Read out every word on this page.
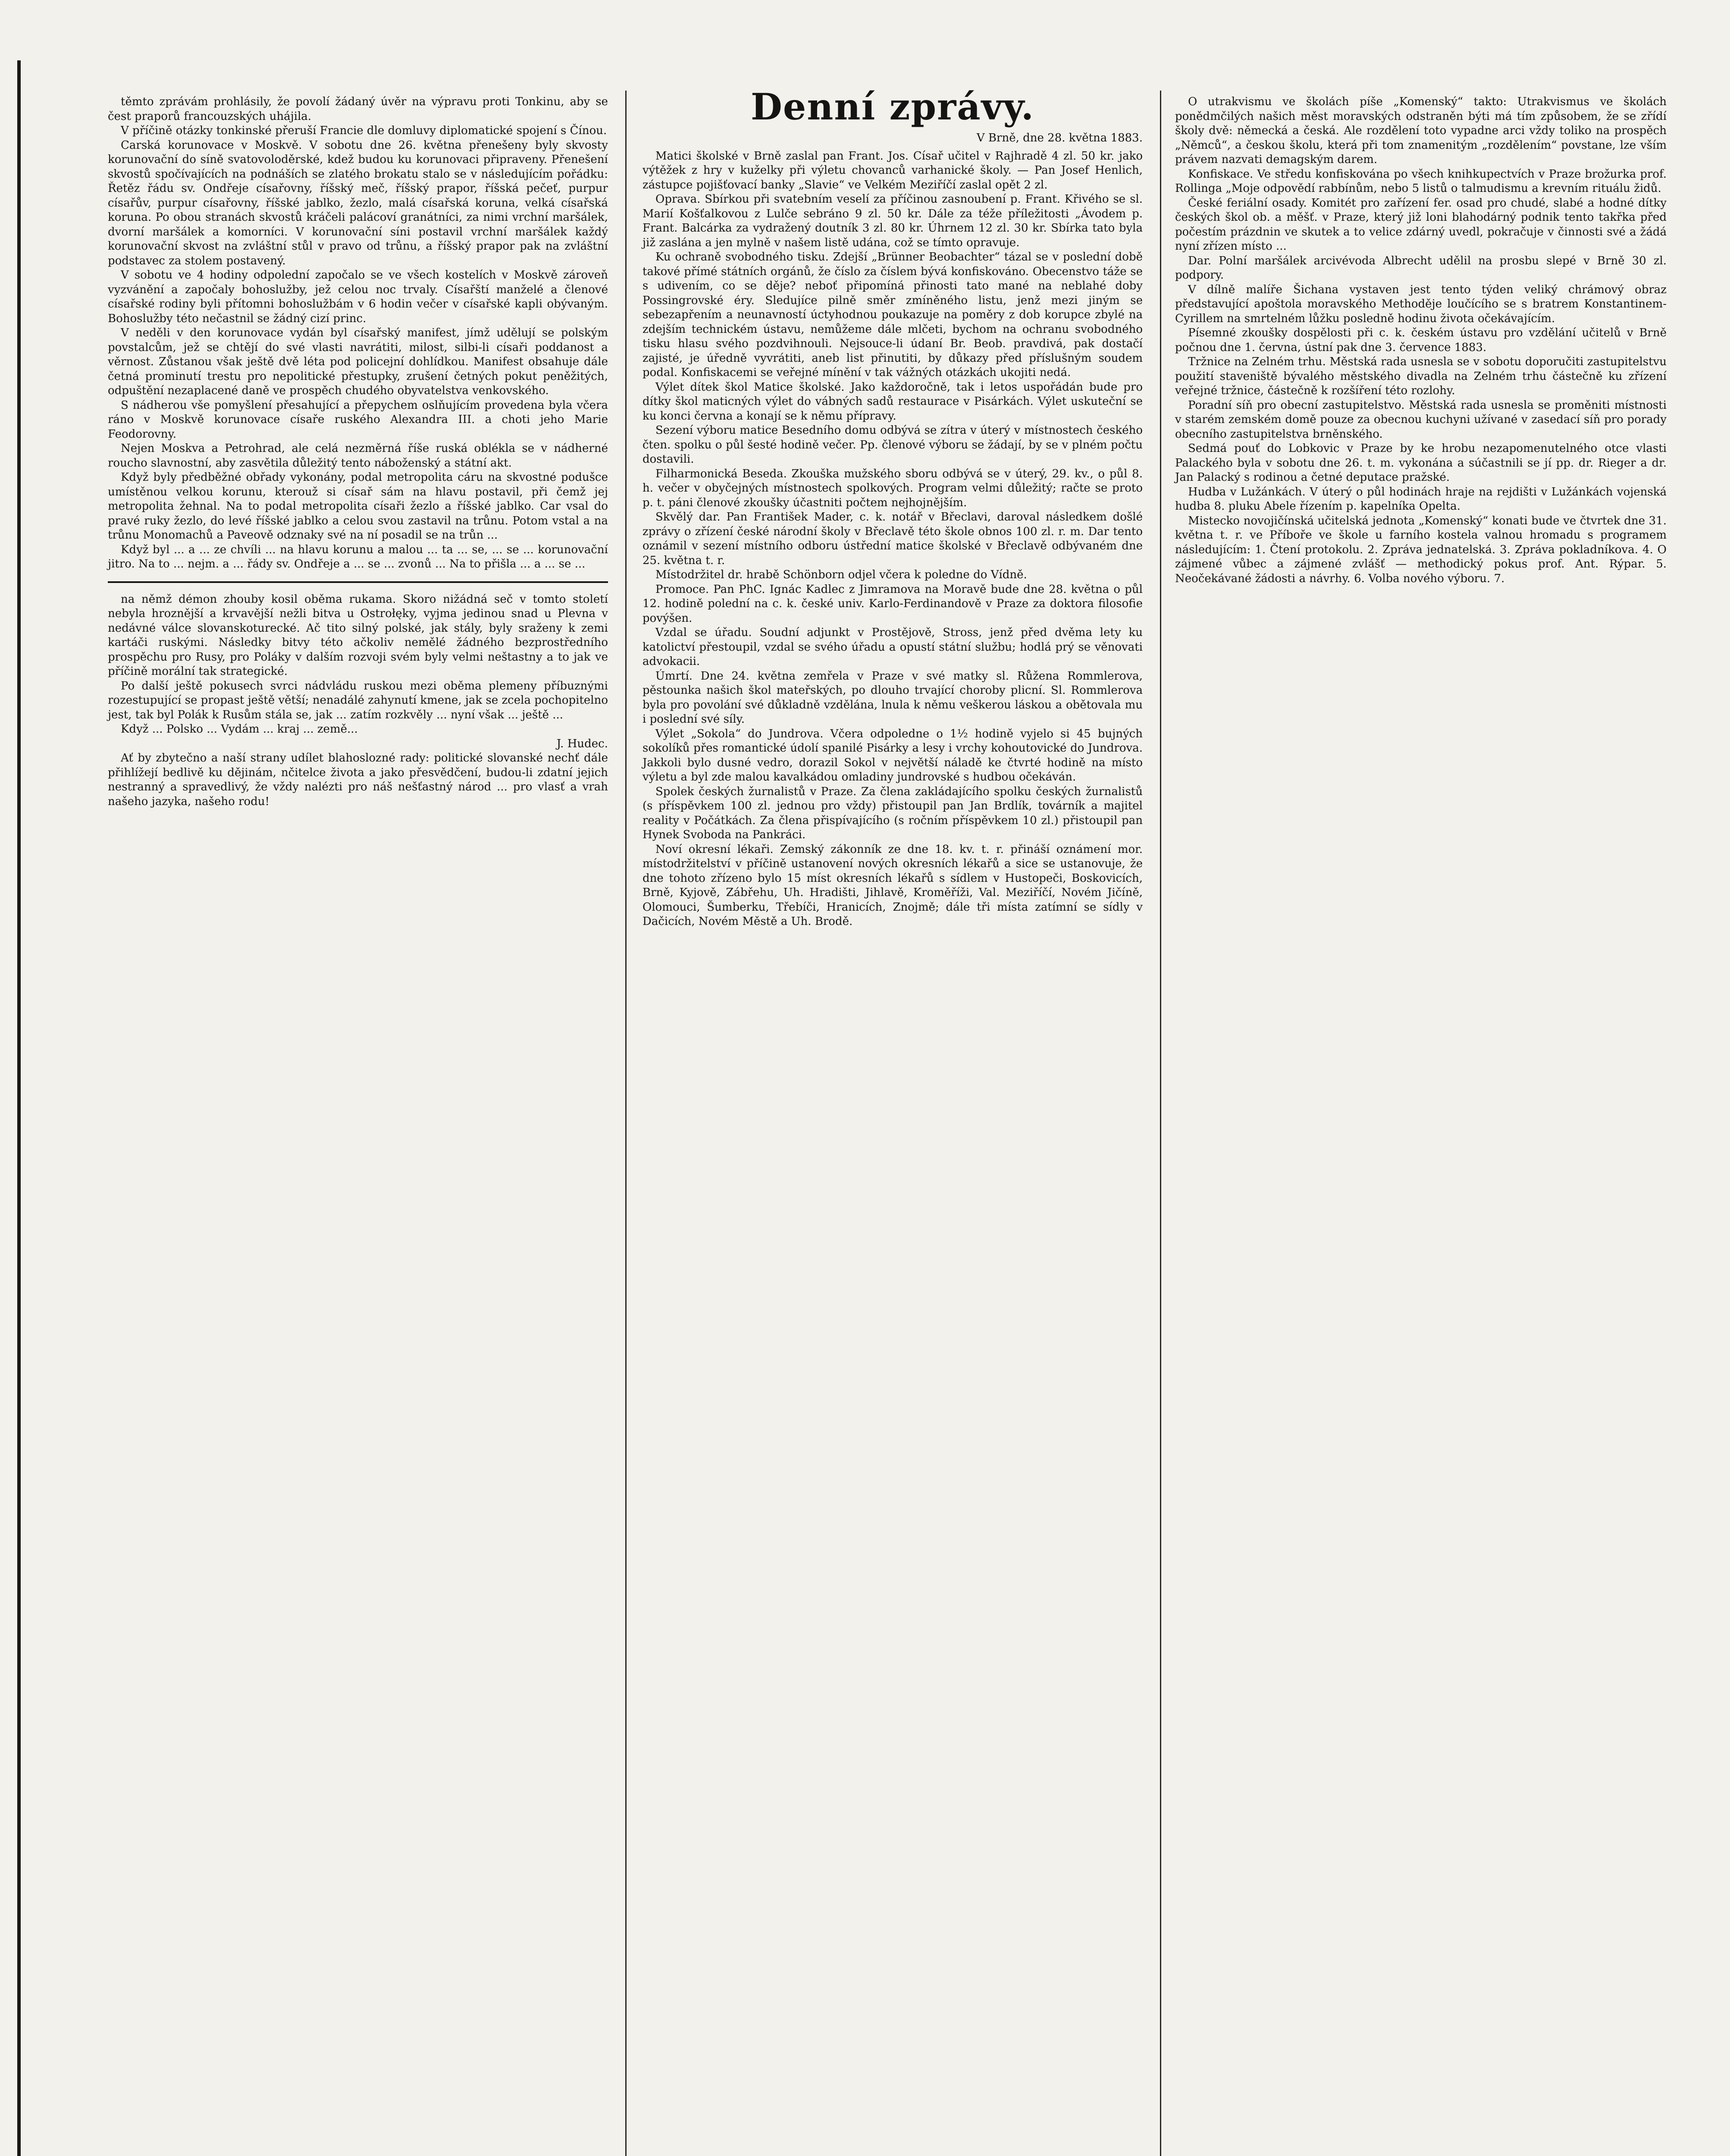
těmto zprávám prohlásily, že povolí žádaný úvěr na výpravu proti Tonkinu, aby se čest praporů francouzských uhájila.

V příčině otázky tonkinské přeruší Francie dle domluvy diplomatické spojení s Čínou.

Carská korunovace v Moskvě. V sobotu dne 26. května přenešeny byly skvosty korunovační do síně svatovoloděrské, kdež budou ku korunovaci připraveny. Přenešení skvostů spočívajících na podnáších se zlatého brokatu stalo se v následujícím pořádku: Řetěz řádu sv. Ondřeje císařovny, říšský meč, říšský prapor, říšská pečeť, purpur císařův, purpur císařovny, říšské jablko, žezlo, malá císařská koruna, velká císařská koruna. Po obou stranách skvostů kráčeli palácoví granátníci, za nimi vrchní maršálek, dvorní maršálek a komorníci. V korunovační síni postavil vrchní maršálek každý korunovační skvost na zvláštní stůl v pravo od trůnu, a říšský prapor pak na zvláštní podstavec za stolem postavený.

V sobotu ve 4 hodiny odpolední započalo se ve všech kostelích v Moskvě zároveň vyzvánění a započaly bohoslužby, jež celou noc trvaly. Císařští manželé a členové císařské rodiny byli přítomni bohoslužbám v 6 hodin večer v císařské kapli obývaným. Bohoslužby této nečastnil se žádný cizí princ.

V neděli v den korunovace vydán byl císařský manifest, jímž udělují se polským povstalcům, jež se chtějí do své vlasti navrátiti, milost, silbi-li císaři poddanost a věrnost. Zůstanou však ještě dvě léta pod policejní dohlídkou. Manifest obsahuje dále četná prominutí trestu pro nepolitické přestupky, zrušení četných pokut peněžitých, odpuštění nezaplacené daně ve prospěch chudého obyvatelstva venkovského.

S nádherou vše pomyšlení přesahující a přepychem oslňujícím provedena byla včera ráno v Moskvě korunovace císaře ruského Alexandra III. a choti jeho Marie Feodorovny.

Nejen Moskva a Petrohrad, ale celá nezměrná říše ruská oblékla se v nádherné roucho slavnostní, aby zasvětila důležitý tento náboženský a státní akt.

Když byly předběžné obřady vykonány, podal metropolita cáru na skvostné podušce umístěnou velkou korunu, kterouž si císař sám na hlavu postavil, při čemž jej metropolita žehnal. Na to podal metropolita císaři žezlo a říšské jablko. Car vsal do pravé ruky žezlo, do levé říšské jablko a celou svou zastavil na trůnu. Potom vstal a na trůnu Monomachů a Paveově odznaky své na ní posadil se na trůn ...

Když byl ... a ... ze chvíli ... na hlavu korunu a malou ... ta ... se, ... se ... korunovační jitro. Na to ... nejm. a ... řády sv. Ondřeje a ... se ... zvonů ... Na to přišla ... a ... se ...

na němž démon zhouby kosil oběma rukama. Skoro nižádná seč v tomto století nebyla hroznější a krvavější nežli bitva u Ostrołęky, vyjma jedinou snad u Plevna v nedávné válce slovanskoturecké. Ač tito silný polské, jak stály, byly sraženy k zemi kartáči ruskými. Následky bitvy této ačkoliv nemělé žádného bezprostředního prospěchu pro Rusy, pro Poláky v dalším rozvoji svém byly velmi neštastny a to jak ve příčině morální tak strategické.

Po další ještě pokusech svrci nádvládu ruskou mezi oběma plemeny příbuznými rozestupující se propast ještě větší; nenadálé zahynutí kmene, jak se zcela pochopitelno jest, tak byl Polák k Rusům stála se, jak ... zatím rozkvěly ... nyní však ... ještě ...

Když ... Polsko ... Vydám ... kraj ... země...

J. Hudec.

Ať by zbytečno a naší strany udílet blahoslozné rady: politické slovanské nechť dále přihlížejí bedlivě ku dějinám, nčitelce života a jako přesvědčení, budou-li zdatní jejich nestranný a spravedlivý, že vždy nalézti pro náš nešťastný národ ... pro vlasť a vrah našeho jazyka, našeho rodu!

Denní zprávy.
V Brně, dne 28. května 1883.

Matici školské v Brně zaslal pan Frant. Jos. Císař učitel v Rajhradě 4 zl. 50 kr. jako výtěžek z hry v kuželky při výletu chovanců varhanické školy. — Pan Josef Henlich, zástupce pojišťovací banky „Slavie“ ve Velkém Meziříčí zaslal opět 2 zl.

Oprava. Sbírkou při svatebním veselí za příčinou zasnoubení p. Frant. Křivého se sl. Marií Košťalkovou z Lulče sebráno 9 zl. 50 kr. Dále za téže příležitosti „Ávodem p. Frant. Balcárka za vydražený doutník 3 zl. 80 kr. Úhrnem 12 zl. 30 kr. Sbírka tato byla již zaslána a jen mylně v našem listě udána, což se tímto opravuje.

Ku ochraně svobodného tisku. Zdejší „Brünner Beobachter“ tázal se v poslední době takové přímé státních orgánů, že číslo za číslem bývá konfiskováno. Obecenstvo táže se s udivením, co se děje? neboť připomíná přinosti tato mané na neblahé doby Possingrovské éry. Sledujíce pilně směr zmíněného listu, jenž mezi jiným se sebezapřením a neunavností úctyhodnou poukazuje na poměry z dob korupce zbylé na zdejším technickém ústavu, nemůžeme dále mlčeti, bychom na ochranu svobodného tisku hlasu svého pozdvihnouli. Nejsouce-li údaní Br. Beob. pravdivá, pak dostačí zajisté, je úředně vyvrátiti, aneb list přinutiti, by důkazy před příslušným soudem podal. Konfiskacemi se veřejné mínění v tak vážných otázkách ukojiti nedá.

Výlet dítek škol Matice školské. Jako každoročně, tak i letos uspořádán bude pro dítky škol maticných výlet do vábných sadů restaurace v Pisárkách. Výlet uskuteční se ku konci června a konají se k němu přípravy.

Sezení výboru matice Besedního domu odbývá se zítra v úterý v místnostech českého čten. spolku o půl šesté hodině večer. Pp. členové výboru se žádají, by se v plném počtu dostavili.

Filharmonická Beseda. Zkouška mužského sboru odbývá se v úterý, 29. kv., o půl 8. h. večer v obyčejných místnostech spolkových. Program velmi důležitý; račte se proto p. t. páni členové zkoušky účastniti počtem nejhojnějším.

Skvělý dar. Pan František Mader, c. k. notář v Břeclavi, daroval následkem došlé zprávy o zřízení české národní školy v Břeclavě této škole obnos 100 zl. r. m. Dar tento oznámil v sezení místního odboru ústřední matice školské v Břeclavě odbývaném dne 25. května t. r.

Místodržitel dr. hrabě Schönborn odjel včera k poledne do Vídně.

Promoce. Pan PhC. Ignác Kadlec z Jimramova na Moravě bude dne 28. května o půl 12. hodině polední na c. k. české univ. Karlo-Ferdinandově v Praze za doktora filosofie povýšen.

Vzdal se úřadu. Soudní adjunkt v Prostějově, Stross, jenž před dvěma lety ku katolictví přestoupil, vzdal se svého úřadu a opustí státní službu; hodlá prý se věnovati advokacii.

Úmrtí. Dne 24. května zemřela v Praze v své matky sl. Růžena Rommlerova, pěstounka našich škol mateřských, po dlouho trvající choroby plicní. Sl. Rommlerova byla pro povolání své důkladně vzdělána, lnula k němu veškerou láskou a obětovala mu i poslední své síly.

Výlet „Sokola“ do Jundrova. Včera odpoledne o 1½ hodině vyjelo si 45 bujných sokolíků přes romantické údolí spanilé Pisárky a lesy i vrchy kohoutovické do Jundrova. Jakkoli bylo dusné vedro, dorazil Sokol v největší náladě ke čtvrté hodině na místo výletu a byl zde malou kavalkádou omladiny jundrovské s hudbou očekáván.

Spolek českých žurnalistů v Praze. Za člena zakládajícího spolku českých žurnalistů (s příspěvkem 100 zl. jednou pro vždy) přistoupil pan Jan Brdlík, továrník a majitel reality v Počátkách. Za člena přispívajícího (s ročním příspěvkem 10 zl.) přistoupil pan Hynek Svoboda na Pankráci.

Noví okresní lékaři. Zemský zákonník ze dne 18. kv. t. r. přináší oznámení mor. místodržitelství v příčině ustanovení nových okresních lékařů a sice se ustanovuje, že dne tohoto zřízeno bylo 15 míst okresních lékařů s sídlem v Hustopeči, Boskovicích, Brně, Kyjově, Zábřehu, Uh. Hradišti, Jihlavě, Kroměříži, Val. Meziříčí, Novém Jičíně, Olomouci, Šumberku, Třebíči, Hranicích, Znojmě; dále tři místa zatímní se sídly v Dačicích, Novém Městě a Uh. Brodě.

O utrakvismu ve školách píše „Komenský“ takto: Utrakvismus ve školách ponědmčilých našich měst moravských odstraněn býti má tím způsobem, že se zřídí školy dvě: německá a česká. Ale rozdělení toto vypadne arci vždy toliko na prospěch „Němců“, a českou školu, která při tom znamenitým „rozdělením“ povstane, lze vším právem nazvati demagským darem.

Konfiskace. Ve středu konfiskována po všech knihkupectvích v Praze brožurka prof. Rollinga „Moje odpovědí rabbínům, nebo 5 listů o talmudismu a krevním rituálu židů.

České feriální osady. Komitét pro zařízení fer. osad pro chudé, slabé a hodné dítky českých škol ob. a měšť. v Praze, který již loni blahodárný podnik tento takřka před počestím prázdnin ve skutek a to velice zdárný uvedl, pokračuje v činnosti své a žádá nyní zřízen místo ...

Dar. Polní maršálek arcivévoda Albrecht udělil na prosbu slepé v Brně 30 zl. podpory.

V dílně malíře Šichana vystaven jest tento týden veliký chrámový obraz představující apoštola moravského Methoděje loučícího se s bratrem Konstantinem-Cyrillem na smrtelném lůžku posledně hodinu života očekávajícím.

Písemné zkoušky dospělosti při c. k. českém ústavu pro vzdělání učitelů v Brně počnou dne 1. června, ústní pak dne 3. července 1883.

Tržnice na Zelném trhu. Městská rada usnesla se v sobotu doporučiti zastupitelstvu použití staveniště bývalého městského divadla na Zelném trhu částečně ku zřízení veřejné tržnice, částečně k rozšíření této rozlohy.

Poradní síň pro obecní zastupitelstvo. Městská rada usnesla se proměniti místnosti v starém zemském domě pouze za obecnou kuchyni užívané v zasedací síň pro porady obecního zastupitelstva brněnského.

Sedmá pouť do Lobkovic v Praze by ke hrobu nezapomenutelného otce vlasti Palackého byla v sobotu dne 26. t. m. vykonána a súčastnili se jí pp. dr. Rieger a dr. Jan Palacký s rodinou a četné deputace pražské.

Hudba v Lužánkách. V úterý o půl hodinách hraje na rejdišti v Lužánkách vojenská hudba 8. pluku Abele řízením p. kapelníka Opelta.

Mistecko novojičínská učitelská jednota „Komenský“ konati bude ve čtvrtek dne 31. května t. r. ve Příboře ve škole u farního kostela valnou hromadu s programem následujícím: 1. Čtení protokolu. 2. Zpráva jednatelská. 3. Zpráva pokladníkova. 4. O zájmené vůbec a zájmené zvlášť — methodický pokus prof. Ant. Rýpar. 5. Neočekávané žádosti a návrhy. 6. Volba nového výboru. 7.
